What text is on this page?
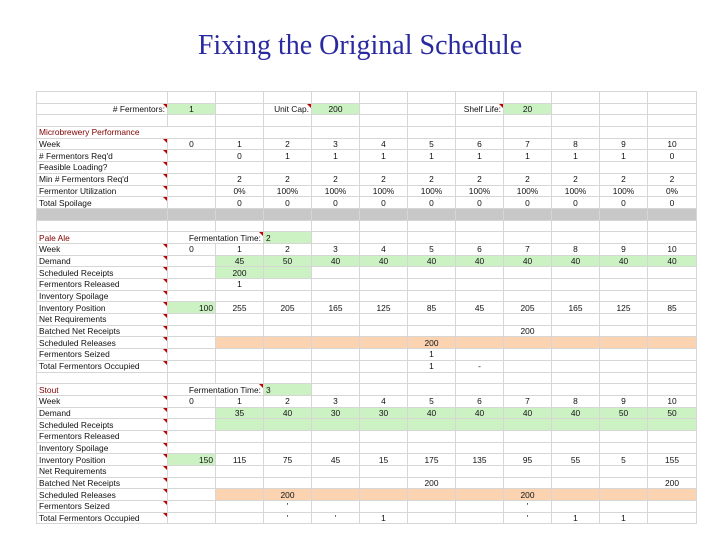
Fixing the Original Schedule

# Fermentors:	1		Unit Cap.	200			Shelf Life:	20			

Microbrewery Performance											
Week	0	1	2	3	4	5	6	7	8	9	10
# Fermentors Req'd		0	1	1	1	1	1	1	1	1	0
Feasible Loading?											
Min # Fermentors Req'd		2	2	2	2	2	2	2	2	2	2
Fermentor Utilization		0%	100%	100%	100%	100%	100%	100%	100%	100%	0%
Total Spoilage		0	0	0	0	0	0	0	0	0	0

Pale Ale	Fermentation Time:		2								
Week	0	1	2	3	4	5	6	7	8	9	10
Demand		45	50	40	40	40	40	40	40	40	40
Scheduled Receipts		200									
Fermentors Released		1									
Inventory Spoilage											
Inventory Position	100	255	205	165	125	85	45	205	165	125	85
Net Requirements											
Batched Net Receipts								200			
Scheduled Releases						200					
Fermentors Seized						1					
Total Fermentors Occupied						1	-				

Stout	Fermentation Time:		3								
Week	0	1	2	3	4	5	6	7	8	9	10
Demand		35	40	30	30	40	40	40	40	50	50
Scheduled Receipts											
Fermentors Released											
Inventory Spoilage											
Inventory Position	150	115	75	45	15	175	135	95	55	5	155
Net Requirements											
Batched Net Receipts						200					200
Scheduled Releases			200					200			
Fermentors Seized			'					'			
Total Fermentors Occupied			'	'	1			'	1	1	
